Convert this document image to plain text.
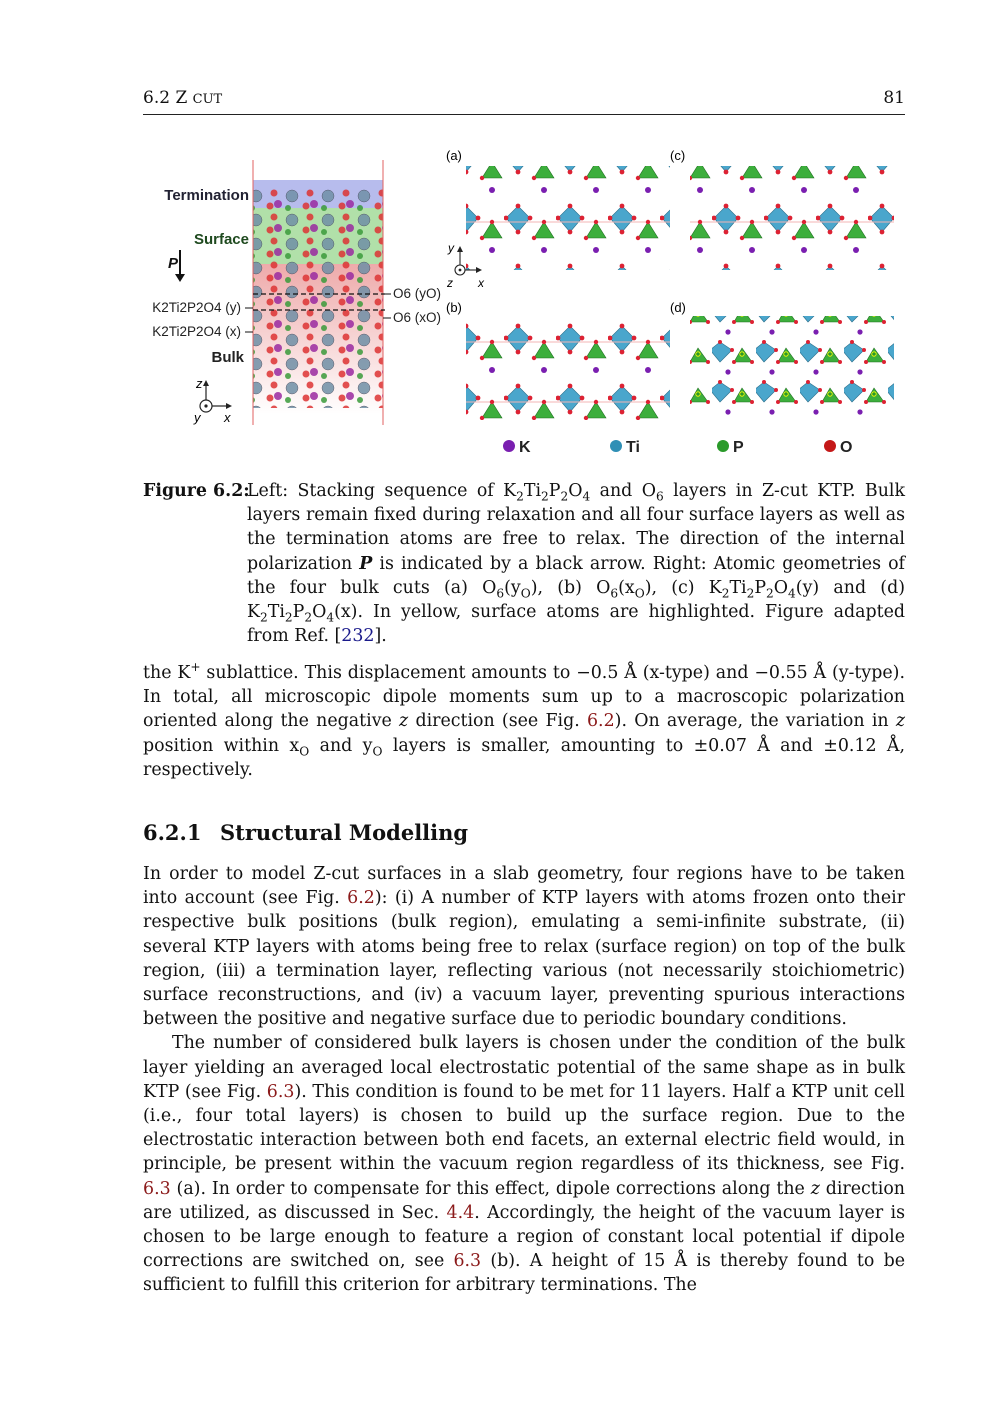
6.2 Z CUT	81
Termination
Surface
Bulk
P
K2Ti2P2O4 (y)
K2Ti2P2O4 (x)
O6 (yO)
O6 (xO)
z
y x
(a)	(c)
(b)	(d)
y
z x
K	Ti	P	O
Figure 6.2:
Left: Stacking sequence of $K_2Ti_2P_2O_4$ and $O_6$ layers in Z-cut KTP. Bulk layers remain fixed during relaxation and all four surface layers as well as the termination atoms are free to relax. The direction of the internal polarization P is indicated by a black arrow. Right: Atomic geometries of the four bulk cuts (a) $O_6(y_O)$, (b) $O_6(x_O)$, (c) $K_2Ti_2P_2O_4(y)$ and (d) $K_2Ti_2P_2O_4(x)$. In yellow, surface atoms are highlighted. Figure adapted from Ref. [232].

the K+ sublattice. This displacement amounts to −0.5 Å (x-type) and −0.55 Å (y-type). In total, all microscopic dipole moments sum up to a macroscopic polarization oriented along the negative z direction (see Fig. 6.2). On average, the variation in z position within $x_O$ and $y_O$ layers is smaller, amounting to ±0.07 Å and ±0.12 Å, respectively.

6.2.1 Structural Modelling

In order to model Z-cut surfaces in a slab geometry, four regions have to be taken into account (see Fig. 6.2): (i) A number of KTP layers with atoms frozen onto their respective bulk positions (bulk region), emulating a semi-infinite substrate, (ii) several KTP layers with atoms being free to relax (surface region) on top of the bulk region, (iii) a termination layer, reflecting various (not necessarily stoichiometric) surface reconstructions, and (iv) a vacuum layer, preventing spurious interactions between the positive and negative surface due to periodic boundary conditions.

The number of considered bulk layers is chosen under the condition of the bulk layer yielding an averaged local electrostatic potential of the same shape as in bulk KTP (see Fig. 6.3). This condition is found to be met for 11 layers. Half a KTP unit cell (i.e., four total layers) is chosen to build up the surface region. Due to the electrostatic interaction between both end facets, an external electric field would, in principle, be present within the vacuum region regardless of its thickness, see Fig. 6.3 (a). In order to compensate for this effect, dipole corrections along the z direction are utilized, as discussed in Sec. 4.4. Accordingly, the height of the vacuum layer is chosen to be large enough to feature a region of constant local potential if dipole corrections are switched on, see 6.3 (b). A height of 15 Å is thereby found to be sufficient to fulfill this criterion for arbitrary terminations. The
